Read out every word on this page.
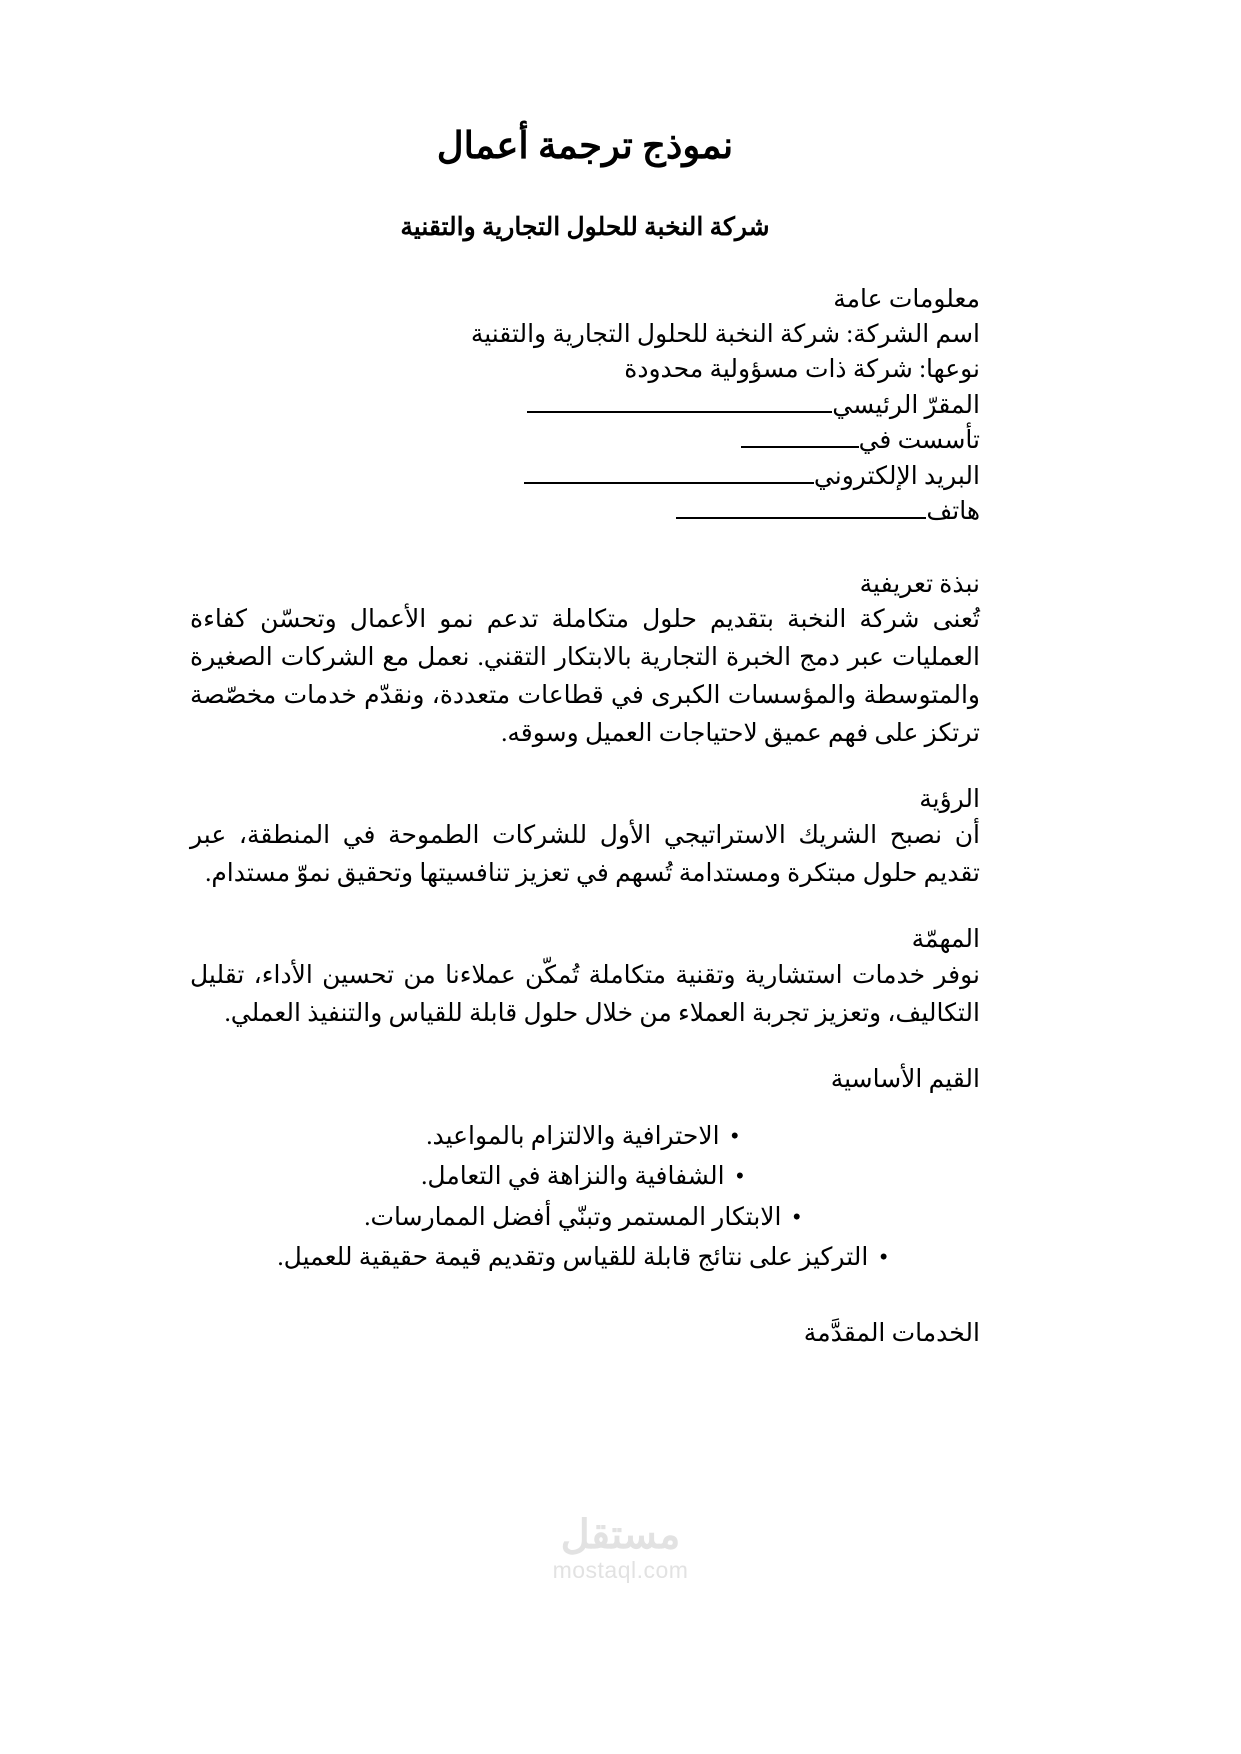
نموذج ترجمة أعمال
شركة النخبة للحلول التجارية والتقنية
معلومات عامة
اسم الشركة: شركة النخبة للحلول التجارية والتقنية
نوعها: شركة ذات مسؤولية محدودة
المقرّ الرئيسي
تأسست في
البريد الإلكتروني
هاتف
نبذة تعريفية

تُعنى شركة النخبة بتقديم حلول متكاملة تدعم نمو الأعمال وتحسّن كفاءة العمليات عبر دمج الخبرة التجارية بالابتكار التقني. نعمل مع الشركات الصغيرة والمتوسطة والمؤسسات الكبرى في قطاعات متعددة، ونقدّم خدمات مخصّصة ترتكز على فهم عميق لاحتياجات العميل وسوقه.

الرؤية

أن نصبح الشريك الاستراتيجي الأول للشركات الطموحة في المنطقة، عبر تقديم حلول مبتكرة ومستدامة تُسهم في تعزيز تنافسيتها وتحقيق نموّ مستدام.

المهمّة

نوفر خدمات استشارية وتقنية متكاملة تُمكّن عملاءنا من تحسين الأداء، تقليل التكاليف، وتعزيز تجربة العملاء من خلال حلول قابلة للقياس والتنفيذ العملي.

القيم الأساسية
• الاحترافية والالتزام بالمواعيد.
• الشفافية والنزاهة في التعامل.
• الابتكار المستمر وتبنّي أفضل الممارسات.
• التركيز على نتائج قابلة للقياس وتقديم قيمة حقيقية للعميل.
الخدمات المقدَّمة
مستقل
mostaql.com
